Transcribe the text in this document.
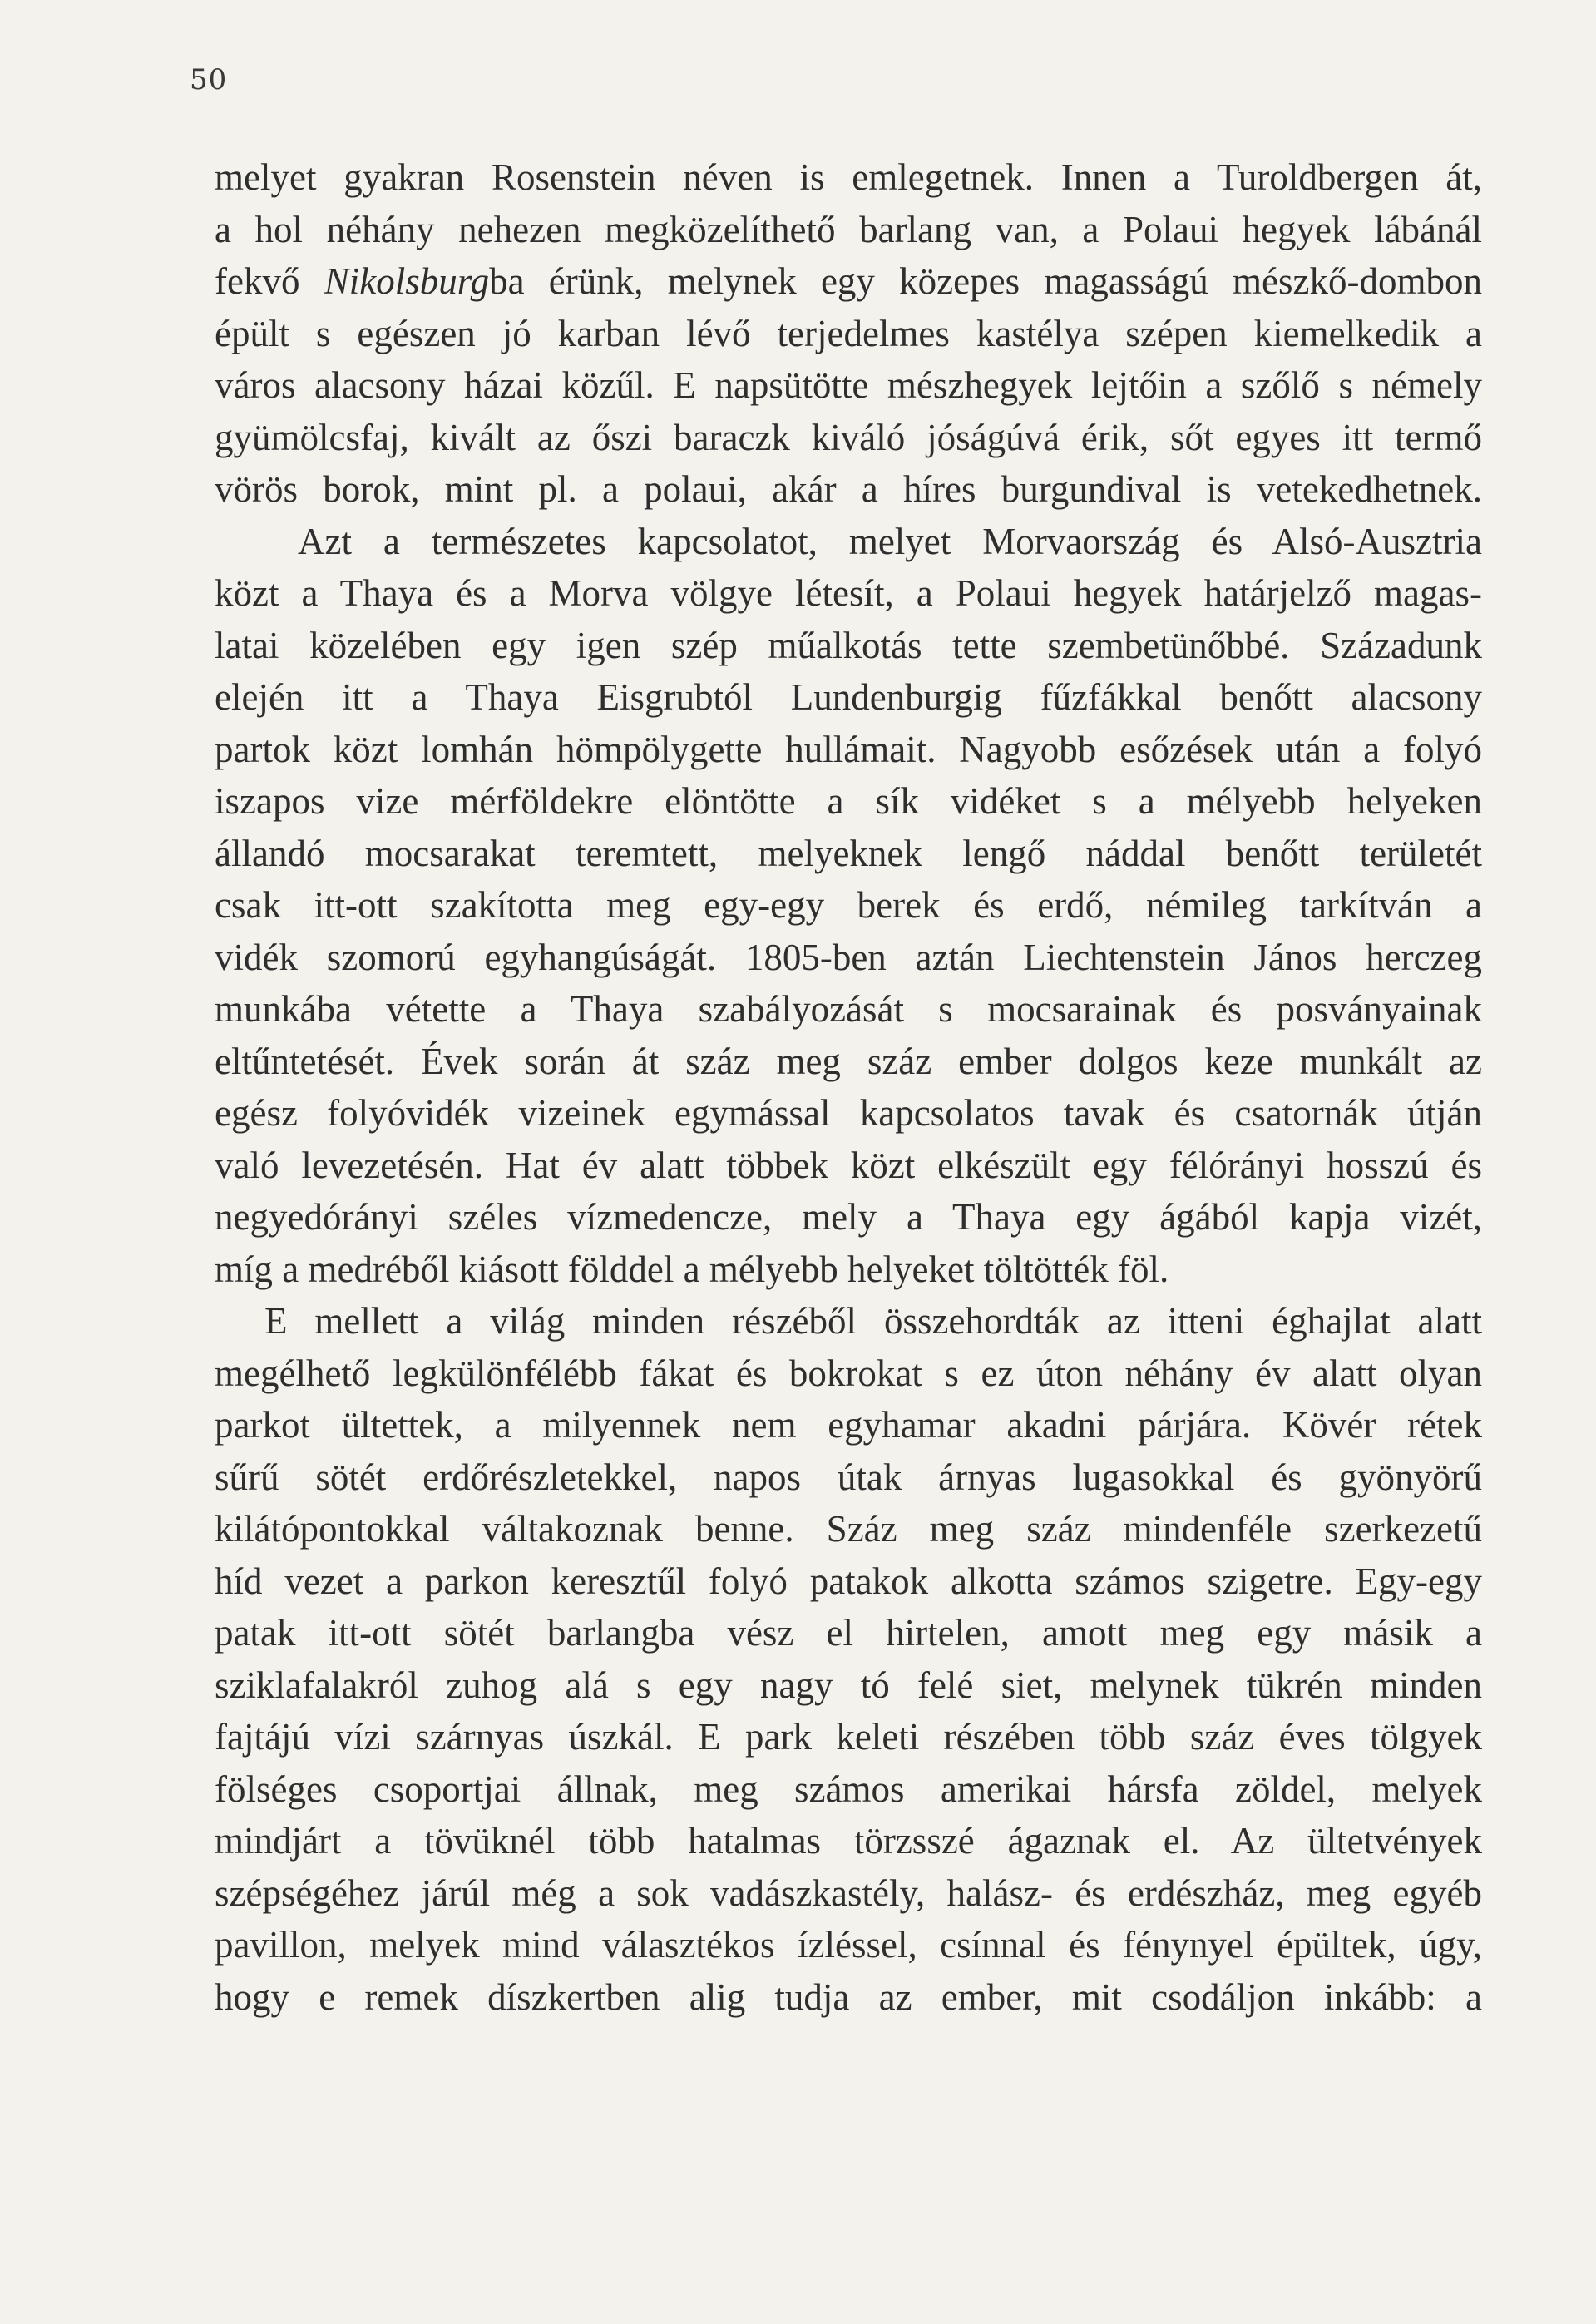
50
melyet gyakran Rosenstein néven is emlegetnek. Innen a Turoldbergen át,
a hol néhány nehezen megközelíthető barlang van, a Polaui hegyek lábánál
fekvő Nikolsburgba érünk, melynek egy közepes magasságú mészkő-dombon
épült s egészen jó karban lévő terjedelmes kastélya szépen kiemelkedik a
város alacsony házai közűl. E napsütötte mészhegyek lejtőin a szőlő s némely
gyümölcsfaj, kivált az őszi baraczk kiváló jóságúvá érik, sőt egyes itt termő
vörös borok, mint pl. a polaui, akár a híres burgundival is vetekedhetnek.
Azt a természetes kapcsolatot, melyet Morvaország és Alsó-Ausztria
közt a Thaya és a Morva völgye létesít, a Polaui hegyek határjelző magas-
latai közelében egy igen szép műalkotás tette szembetünőbbé. Századunk
elején itt a Thaya Eisgrubtól Lundenburgig fűzfákkal benőtt alacsony
partok közt lomhán hömpölygette hullámait. Nagyobb esőzések után a folyó
iszapos vize mérföldekre elöntötte a sík vidéket s a mélyebb helyeken
állandó mocsarakat teremtett, melyeknek lengő náddal benőtt területét
csak itt-ott szakította meg egy-egy berek és erdő, némileg tarkítván a
vidék szomorú egyhangúságát. 1805-ben aztán Liechtenstein János herczeg
munkába vétette a Thaya szabályozását s mocsarainak és posványainak
eltűntetését. Évek során át száz meg száz ember dolgos keze munkált az
egész folyóvidék vizeinek egymással kapcsolatos tavak és csatornák útján
való levezetésén. Hat év alatt többek közt elkészült egy félórányi hosszú és
negyedórányi széles vízmedencze, mely a Thaya egy ágából kapja vizét,
míg a medréből kiásott földdel a mélyebb helyeket töltötték föl.
E mellett a világ minden részéből összehordták az itteni éghajlat alatt
megélhető legkülönfélébb fákat és bokrokat s ez úton néhány év alatt olyan
parkot ültettek, a milyennek nem egyhamar akadni párjára. Kövér rétek
sűrű sötét erdőrészletekkel, napos útak árnyas lugasokkal és gyönyörű
kilátópontokkal váltakoznak benne. Száz meg száz mindenféle szerkezetű
híd vezet a parkon keresztűl folyó patakok alkotta számos szigetre. Egy-egy
patak itt-ott sötét barlangba vész el hirtelen, amott meg egy másik a
sziklafalakról zuhog alá s egy nagy tó felé siet, melynek tükrén minden
fajtájú vízi szárnyas úszkál. E park keleti részében több száz éves tölgyek
fölséges csoportjai állnak, meg számos amerikai hársfa zöldel, melyek
mindjárt a tövüknél több hatalmas törzsszé ágaznak el. Az ültetvények
szépségéhez járúl még a sok vadászkastély, halász- és erdészház, meg egyéb
pavillon, melyek mind választékos ízléssel, csínnal és fénynyel épültek, úgy,
hogy e remek díszkertben alig tudja az ember, mit csodáljon inkább: a
